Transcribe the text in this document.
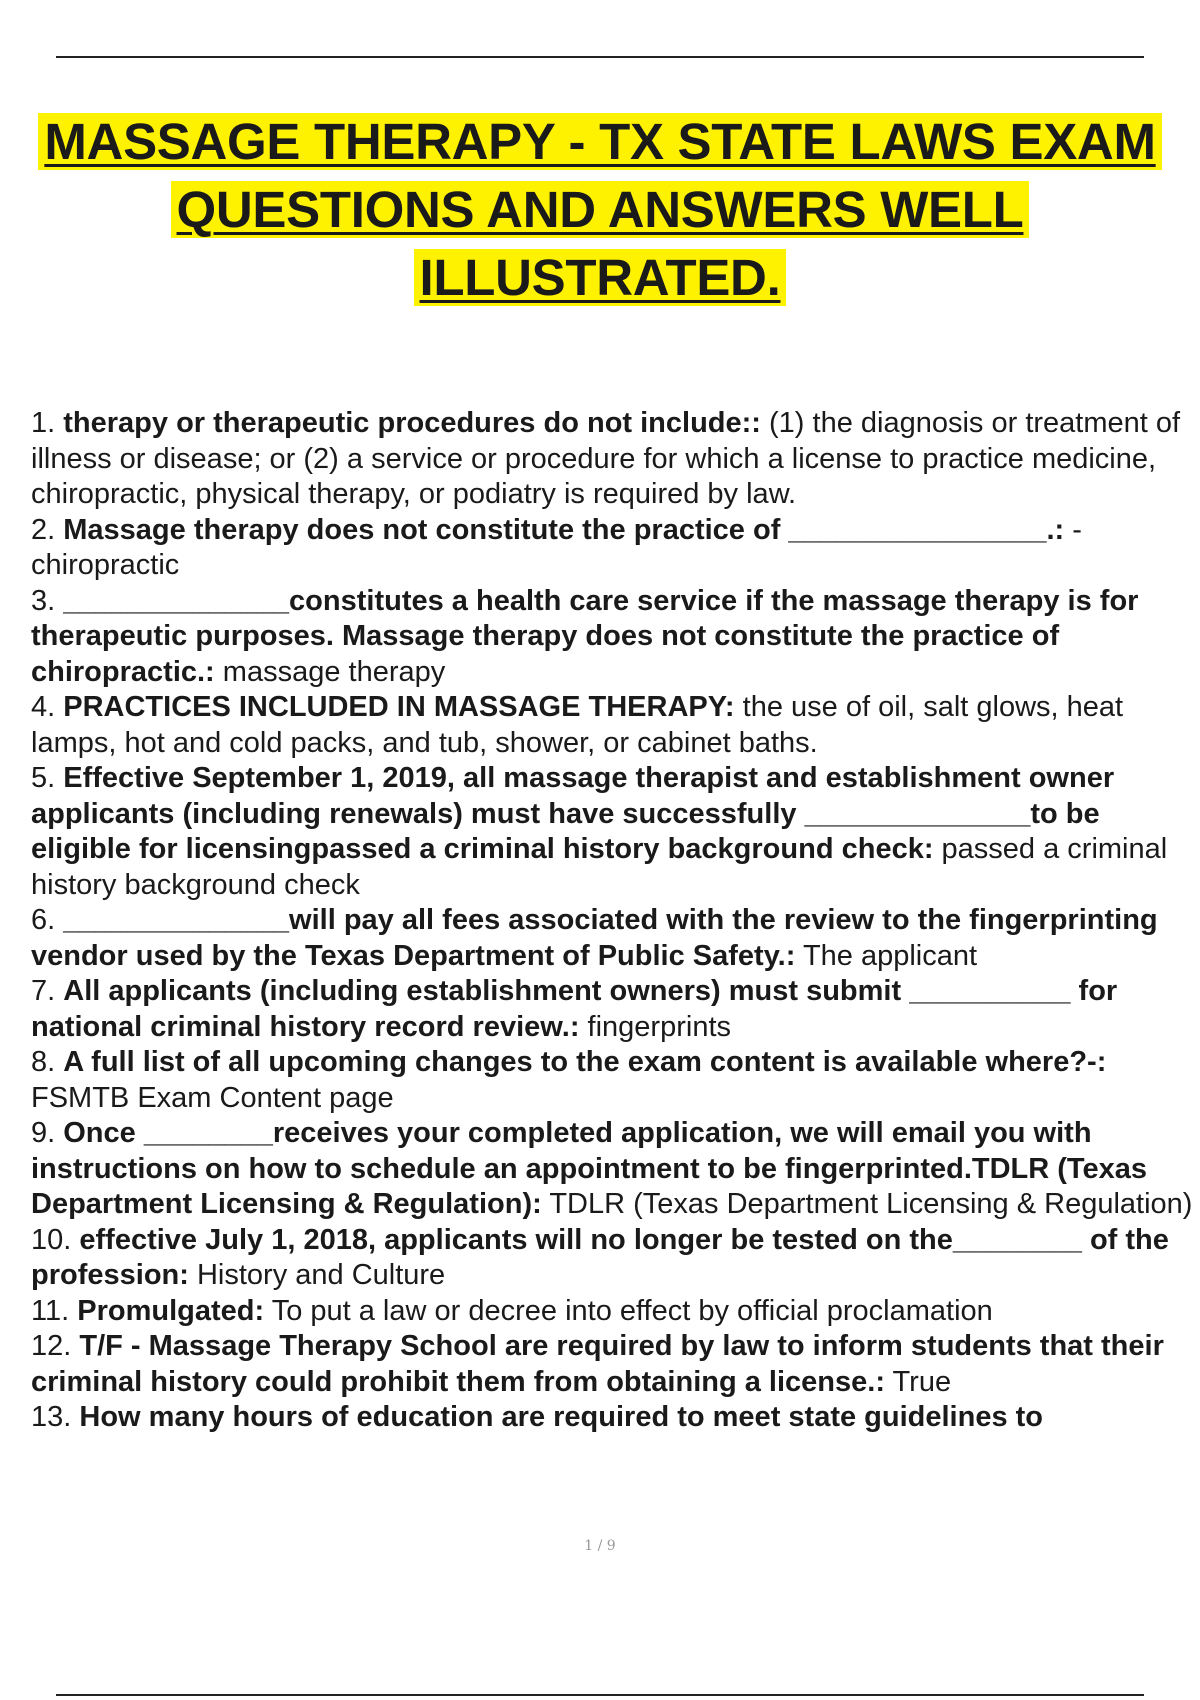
MASSAGE THERAPY - TX STATE LAWS EXAM
QUESTIONS AND ANSWERS WELL
ILLUSTRATED.

1. therapy or therapeutic procedures do not include:: (1) the diagnosis or treatment of illness or disease; or (2) a service or procedure for which a license to practice medicine, chiropractic, physical therapy, or podiatry is required by law.

2. Massage therapy does not constitute the practice of ________________.: - chiropractic

3. ______________constitutes a health care service if the massage therapy is for therapeutic purposes. Massage therapy does not constitute the practice of chiropractic.: massage therapy

4. PRACTICES INCLUDED IN MASSAGE THERAPY: the use of oil, salt glows, heat lamps, hot and cold packs, and tub, shower, or cabinet baths.

5. Effective September 1, 2019, all massage therapist and establishment owner applicants (including renewals) must have successfully ______________to be eligible for licensingpassed a criminal history background check: passed a criminal history background check

6. ______________will pay all fees associated with the review to the fingerprinting vendor used by the Texas Department of Public Safety.: The applicant

7. All applicants (including establishment owners) must submit __________ for national criminal history record review.: fingerprints

8. A full list of all upcoming changes to the exam content is available where?-: FSMTB Exam Content page

9. Once ________receives your completed application, we will email you with instructions on how to schedule an appointment to be fingerprinted.TDLR (Texas Department Licensing & Regulation): TDLR (Texas Department Licensing & Regulation)

10. effective July 1, 2018, applicants will no longer be tested on the________ of the profession: History and Culture

11. Promulgated: To put a law or decree into effect by official proclamation

12. T/F - Massage Therapy School are required by law to inform students that their criminal history could prohibit them from obtaining a license.: True

13. How many hours of education are required to meet state guidelines to

1 / 9
